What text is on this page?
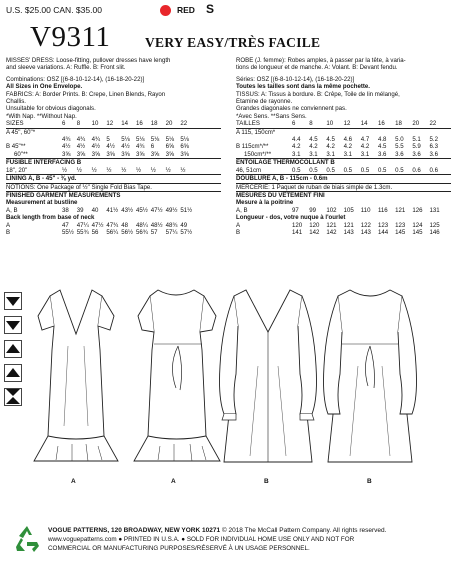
U.S. $25.00 CAN. $35.00	RED S
V9311	VERY EASY/TRÈS FACILE
MISSES' DRESS: Loose-fitting, pullover dresses have length
and sleeve variations. A: Ruffle. B: Front slit.
Combinations: OSZ [(6-8-10-12-14), (16-18-20-22)]
All Sizes in One Envelope.
FABRICS: A: Border Prints. B: Crepe, Linen Blends, Rayon
Challis.
Unsuitable for obvious diagonals.
*With Nap. **Without Nap.
SIZES	6	8	10	12	14	16	18	20	22
A 45", 60"*
4¾	4¾	4¾	5	5⅛	5⅛	5⅛	5⅛	5⅛
B 45"**	4½	4½	4½	4½	4½	4¾	6	6⅝	6⅝
60"**	3⅝	3⅝	3⅝	3⅝	3⅝	3⅝	3⅝	3⅝	3⅝
FUSIBLE INTERFACING B
18", 20"	½	½	½	½	½	½	½	½	½
LINING A, B - 45" - ⅜ yd.
NOTIONS: One Package of ½" Single Fold Bias Tape.
FINISHED GARMENT MEASUREMENTS
Measurement at bustline
A, B	38	39	40	41½ 43½ 45½ 47½ 49½ 51½
Back length from base of neck
A	47	47¼ 47½ 47¾ 48	48¼ 48½ 48¾ 49
B	55½ 55¾ 56	56¼ 56½ 56¾ 57	57¼ 57½
ROBE (J. femme): Robes amples, à passer par la tête, à varia-
tions de longueur et de manche. A: Volant. B: Devant fendu.
Séries: OSZ [(6-8-10-12-14), (16-18-20-22)]
Toutes les tailles sont dans la même pochette.
TISSUS: A: Tissus à bordure. B: Crêpe, Toile de lin mélangé,
Étamine de rayonne.
Grandes diagonales ne conviennent pas.
*Avec Sens. **Sans Sens.
TAILLES	6	8	10	12	14	16	18	20	22
A 115, 150cm*
4.4	4.5	4.5	4.6	4.7	4.8	5.0	5.1	5.2
B 115cm*/**	4.2	4.2	4.2	4.2	4.2	4.5	5.5	5.9	6.3
150cm*/**	3.1	3.1	3.1	3.1	3.1	3.6	3.6	3.6	3.6
ENTOILAGE THERMOCOLLANT B
46, 51cm	0.5	0.5	0.5	0.5	0.5	0.5	0.5	0.6	0.6
DOUBLURE A, B - 115cm - 0.6m
MERCERIE: 1 Paquet de ruban de biais simple de 1.3cm.
MESURES DU VÊTEMENT FINI
Mesure à la poitrine
A, B	97	99	102	105	110	116	121	126	131
Longueur - dos, votre nuque à l'ourlet
A	120	120	121	121	122	123	123	124	125
B	141	142	142	143	143	144	145	145	146
A	A	B	B
VOGUE PATTERNS, 120 BROADWAY, NEW YORK 10271 © 2018 The McCall Pattern Company. All rights reserved.
www.voguepatterns.com ● PRINTED IN U.S.A. ● SOLD FOR INDIVIDUAL HOME USE ONLY AND NOT FOR
COMMERCIAL OR MANUFACTURING PURPOSES/RÉSERVÉ À UN USAGE PERSONNEL.
